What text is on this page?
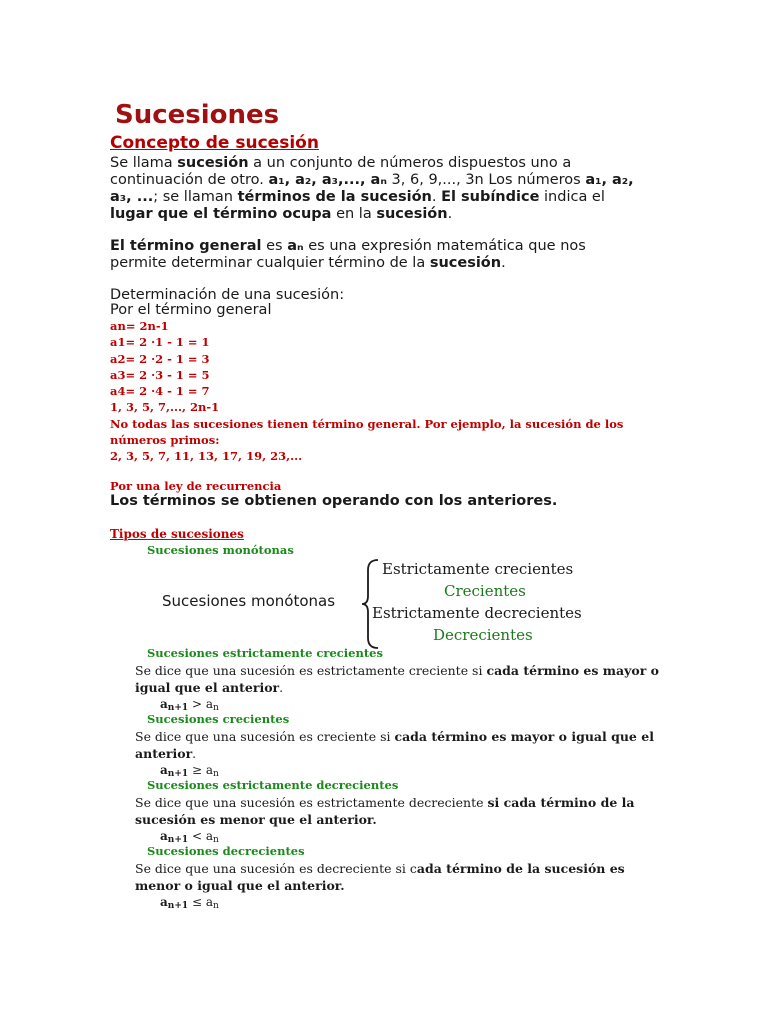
Sucesiones
Concepto de sucesión
Se llama sucesión a un conjunto de números dispuestos uno a
continuación de otro. a₁, a₂, a₃,..., aₙ 3, 6, 9,..., 3n Los números a₁, a₂,
a₃, ...; se llaman términos de la sucesión. El subíndice indica el
lugar que el término ocupa en la sucesión.
El término general es aₙ es una expresión matemática que nos
permite determinar cualquier término de la sucesión.
Determinación de una sucesión:
Por el término general
an= 2n-1
a1= 2 ·1 - 1 = 1
a2= 2 ·2 - 1 = 3
a3= 2 ·3 - 1 = 5
a4= 2 ·4 - 1 = 7
1, 3, 5, 7,..., 2n-1
No todas las sucesiones tienen término general. Por ejemplo, la sucesión de los
números primos:
2, 3, 5, 7, 11, 13, 17, 19, 23,...
Por una ley de recurrencia
Los términos se obtienen operando con los anteriores.
Tipos de sucesiones
Sucesiones monótonas
Sucesiones monótonas
Estrictamente crecientes
Crecientes
Estrictamente decrecientes
Decrecientes
Sucesiones estrictamente crecientes
Se dice que una sucesión es estrictamente creciente si cada término es mayor o
igual que el anterior.
an+1 > an
Sucesiones crecientes
Se dice que una sucesión es creciente si cada término es mayor o igual que el
anterior.
an+1 ≥ an
Sucesiones estrictamente decrecientes
Se dice que una sucesión es estrictamente decreciente si cada término de la
sucesión es menor que el anterior.
an+1 < an
Sucesiones decrecientes
Se dice que una sucesión es decreciente si cada término de la sucesión es
menor o igual que el anterior.
an+1 ≤ an
